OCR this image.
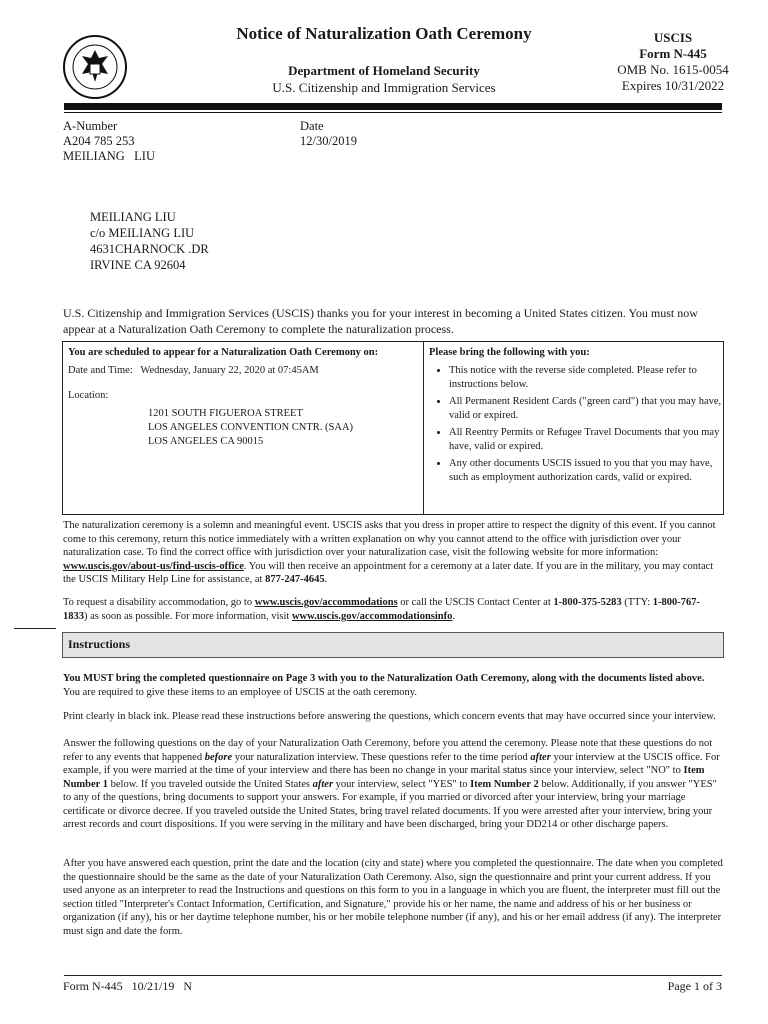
Notice of Naturalization Oath Ceremony
Department of Homeland Security
U.S. Citizenship and Immigration Services
USCIS
Form N-445
OMB No. 1615-0054
Expires 10/31/2022
A-Number
A204 785 253
MEILIANG   LIU
Date
12/30/2019
MEILIANG LIU
c/o MEILIANG LIU
4631CHARNOCK .DR
IRVINE CA 92604
U.S. Citizenship and Immigration Services (USCIS) thanks you for your interest in becoming a United States citizen. You must now appear at a Naturalization Oath Ceremony to complete the naturalization process.
You are scheduled to appear for a Naturalization Oath Ceremony on:
Date and Time: Wednesday, January 22, 2020 at 07:45AM
Location:
1201 SOUTH FIGUEROA STREET
LOS ANGELES CONVENTION CNTR. (SAA)
LOS ANGELES CA 90015
Please bring the following with you:
• This notice with the reverse side completed. Please refer to instructions below.
• All Permanent Resident Cards ("green card") that you may have, valid or expired.
• All Reentry Permits or Refugee Travel Documents that you may have, valid or expired.
• Any other documents USCIS issued to you that you may have, such as employment authorization cards, valid or expired.
The naturalization ceremony is a solemn and meaningful event. USCIS asks that you dress in proper attire to respect the dignity of this event. If you cannot come to this ceremony, return this notice immediately with a written explanation on why you cannot attend to the office with jurisdiction over your naturalization case. To find the correct office with jurisdiction over your naturalization case, visit the following website for more information: www.uscis.gov/about-us/find-uscis-office. You will then receive an appointment for a ceremony at a later date. If you are in the military, you may contact the USCIS Military Help Line for assistance, at 877-247-4645.
To request a disability accommodation, go to www.uscis.gov/accommodations or call the USCIS Contact Center at 1-800-375-5283 (TTY: 1-800-767-1833) as soon as possible. For more information, visit www.uscis.gov/accommodationsinfo.
Instructions
You MUST bring the completed questionnaire on Page 3 with you to the Naturalization Oath Ceremony, along with the documents listed above. You are required to give these items to an employee of USCIS at the oath ceremony.
Print clearly in black ink. Please read these instructions before answering the questions, which concern events that may have occurred since your interview.
Answer the following questions on the day of your Naturalization Oath Ceremony, before you attend the ceremony. Please note that these questions do not refer to any events that happened before your naturalization interview. These questions refer to the time period after your interview at the USCIS office. For example, if you were married at the time of your interview and there has been no change in your marital status since your interview, select "NO" to Item Number 1 below. If you traveled outside the United States after your interview, select "YES" to Item Number 2 below. Additionally, if you answer "YES" to any of the questions, bring documents to support your answers. For example, if you married or divorced after your interview, bring your marriage certificate or divorce decree. If you traveled outside the United States, bring travel related documents. If you were arrested after your interview, bring your arrest records and court dispositions. If you were serving in the military and have been discharged, bring your DD214 or other discharge papers.
After you have answered each question, print the date and the location (city and state) where you completed the questionnaire. The date when you completed the questionnaire should be the same as the date of your Naturalization Oath Ceremony. Also, sign the questionnaire and print your current address. If you used anyone as an interpreter to read the Instructions and questions on this form to you in a language in which you are fluent, the interpreter must fill out the section titled "Interpreter's Contact Information, Certification, and Signature," provide his or her name, the name and address of his or her business or organization (if any), his or her daytime telephone number, his or her mobile telephone number (if any), and his or her email address (if any). The interpreter must sign and date the form.
Form N-445   10/21/19   N	Page 1 of 3
